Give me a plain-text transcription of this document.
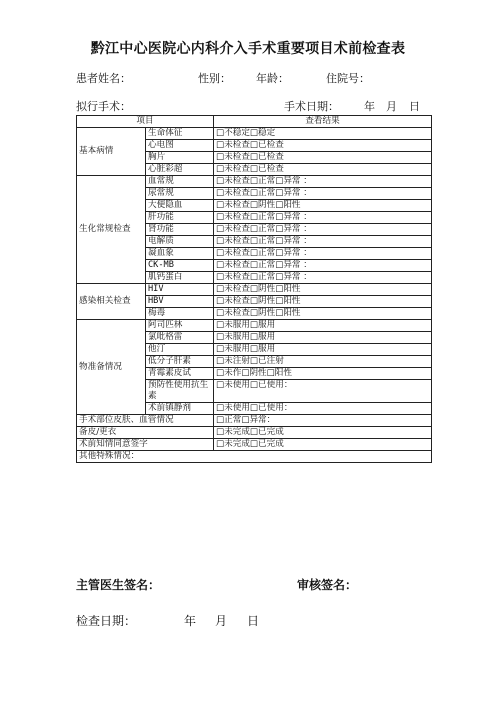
黔江中心医院心内科介入手术重要项目术前检查表
患者姓名：	性别： 年龄：	住院号：
拟行手术：	手术日期： 年 月 日
项目		查看结果
基本病情	生命体征	□不稳定□稳定
	心电图	□未检查□已检查
	胸片	□未检查□已检查
	心脏彩超	□未检查□已检查
生化常规检查	血常规	□未检查□正常□异常 ：
	尿常规	□未检查□正常□异常 ：
	大便隐血	□未检查□阴性□阳性
	肝功能	□未检查□正常□异常 ：
	肾功能	□未检查□正常□异常 ：
	电解质	□未检查□正常□异常 ：
	凝血象	□未检查□正常□异常 ：
	CK-MB	□未检查□正常□异常 ：
	肌钙蛋白	□未检查□正常□异常 ：
感染相关检查	HIV	□未检查□阴性□阳性
	HBV	□未检查□阴性□阳性
	梅毒	□未检查□阴性□阳性
物准备情况	阿司匹林	□未服用□服用
	氯吡格雷	□未服用□服用
	他汀	□未服用□服用
	低分子肝素	□未注射□已注射
	青霉素皮试	□未作□阴性□阳性
	预防性使用抗生素	□未使用□已使用：
	术前镇静剂	□未使用□已使用：
手术部位皮肤、血管情况		□正常□异常：
备皮/更衣		□未完成□已完成
术前知情同意签字		□未完成□已完成
其他特殊情况：		
主管医生签名：	审核签名：
检查日期：	年 月 日
